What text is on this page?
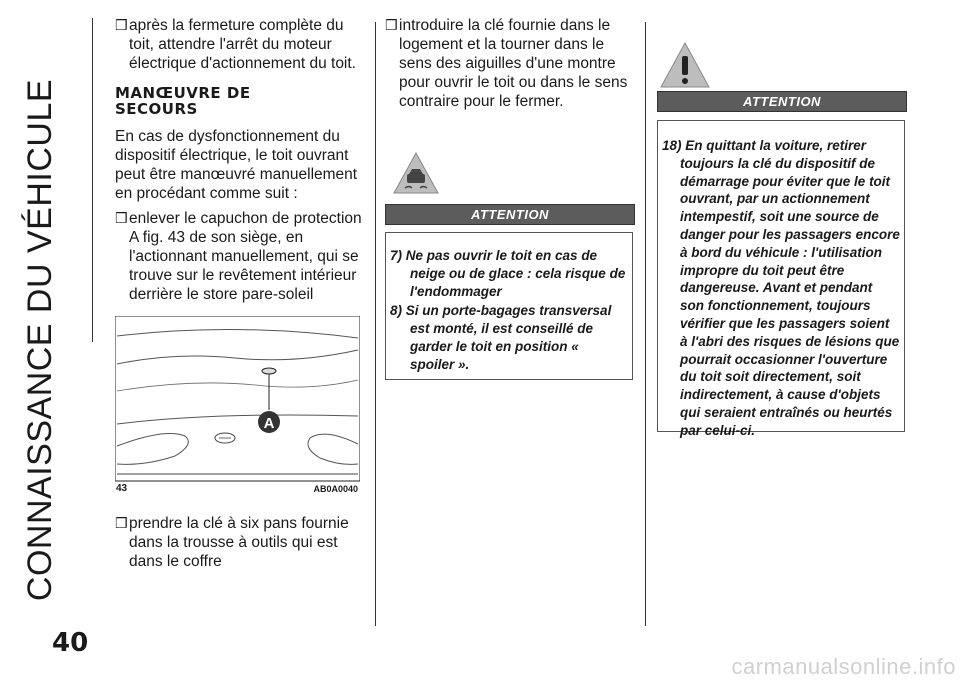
CONNAISSANCE DU VÉHICULE
40
❒ après la fermeture complète du toit, attendre l'arrêt du moteur électrique d'actionnement du toit.
MANŒUVRE DE
SECOURS

En cas de dysfonctionnement du dispositif électrique, le toit ouvrant peut être manœuvré manuellement en procédant comme suit :

❒ enlever le capuchon de protection A fig. 43 de son siège, en l'actionnant manuellement, qui se trouve sur le revêtement intérieur derrière le store pare-soleil
A
43	AB0A0040
❒ prendre la clé à six pans fournie dans la trousse à outils qui est dans le coffre
❒ introduire la clé fournie dans le logement et la tourner dans le sens des aiguilles d'une montre pour ouvrir le toit ou dans le sens contraire pour le fermer.
ATTENTION
7) Ne pas ouvrir le toit en cas de neige ou de glace : cela risque de l'endommager
8) Si un porte-bagages transversal est monté, il est conseillé de garder le toit en position « spoiler ».
ATTENTION
18) En quittant la voiture, retirer toujours la clé du dispositif de démarrage pour éviter que le toit ouvrant, par un actionnement intempestif, soit une source de danger pour les passagers encore à bord du véhicule : l'utilisation impropre du toit peut être dangereuse. Avant et pendant son fonctionnement, toujours vérifier que les passagers soient à l'abri des risques de lésions que pourrait occasionner l'ouverture du toit soit directement, soit indirectement, à cause d'objets qui seraient entraînés ou heurtés par celui-ci.
carmanualsonline.info
